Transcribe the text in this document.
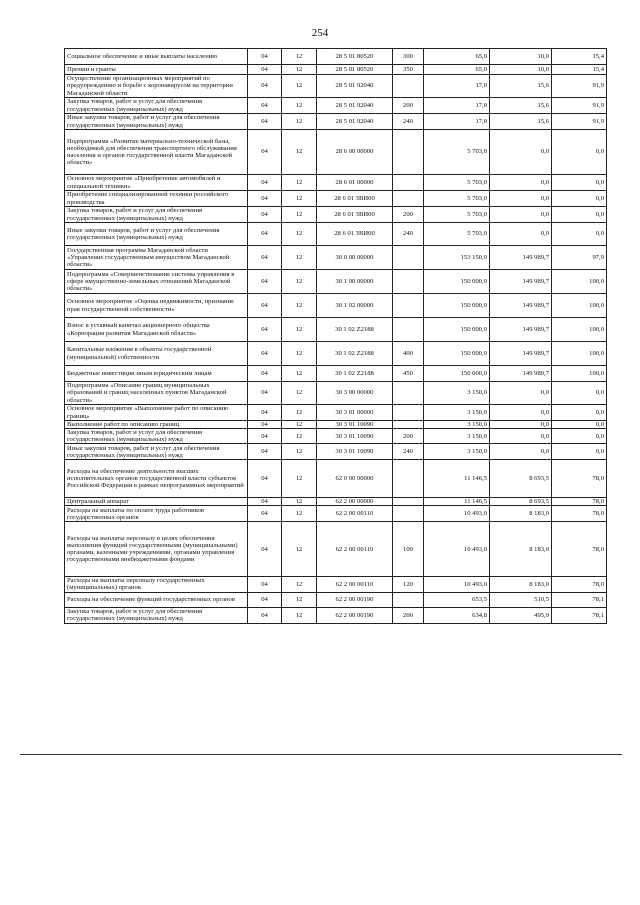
254
Социальное обеспечение и иные выплаты населению	04	12	28 5 01 80520	300	65,0	10,0	15,4
Премии и гранты	04	12	28 5 01 80520	350	65,0	10,0	15,4
Осуществление организационных мероприятий по предупреждению и борьбе с коронавирусом на территории Магаданской области	04	12	28 5 01 92040		17,0	15,6	91,9
Закупка товаров, работ и услуг для обеспечения государственных (муниципальных) нужд	04	12	28 5 01 92040	200	17,0	15,6	91,9
Иные закупки товаров, работ и услуг для обеспечения государственных (муниципальных) нужд	04	12	28 5 01 92040	240	17,0	15,6	91,9
Подпрограмма «Развитие материально-технической базы, необходимой для обеспечения транспортного обслуживания населения и органов государственной власти Магаданской области»	04	12	28 6 00 00000		5 703,0	0,0	0,0
Основное мероприятие «Приобретение автомобилей и специальной техники»	04	12	28 6 01 00000		5 703,0	0,0	0,0
Приобретение специализированной техники российского производства	04	12	28 6 01 ЗВИ00		5 703,0	0,0	0,0
Закупка товаров, работ и услуг для обеспечения государственных (муниципальных) нужд	04	12	28 6 01 ЗВИ00	200	5 703,0	0,0	0,0
Иные закупки товаров, работ и услуг для обеспечения государственных (муниципальных) нужд	04	12	28 6 01 ЗВИ00	240	5 703,0	0,0	0,0
Государственная программа Магаданской области «Управление государственным имуществом Магаданской области»	04	12	30 0 00 00000		153 150,0	149 989,7	97,9
Подпрограмма «Совершенствование системы управления в сфере имущественно-земельных отношений Магаданской области»	04	12	30 1 00 00000		150 000,0	149 989,7	100,0
Основное мероприятие «Оценка недвижимости, признание прав государственной собственности»	04	12	30 1 02 00000		150 000,0	149 989,7	100,0
Взнос в уставный капитал акционерного общества «Корпорация развития Магаданской области»	04	12	30 1 02 Z2188		150 000,0	149 989,7	100,0
Капитальные вложения в объекты государственной (муниципальной) собственности	04	12	30 1 02 Z2188	400	150 000,0	149 989,7	100,0
Бюджетные инвестиции иным юридическим лицам	04	12	30 1 02 Z2188	450	150 000,0	149 989,7	100,0
Подпрограмма «Описание границ муниципальных образований и границ населенных пунктов Магаданской области»	04	12	30 3 00 00000		3 150,0	0,0	0,0
Основное мероприятие «Выполнение работ по описанию границ»	04	12	30 3 01 00000		3 150,0	0,0	0,0
Выполнение работ по описанию границ	04	12	30 3 01 10090		3 150,0	0,0	0,0
Закупка товаров, работ и услуг для обеспечения государственных (муниципальных) нужд	04	12	30 3 01 10090	200	3 150,0	0,0	0,0
Иные закупки товаров, работ и услуг для обеспечения государственных (муниципальных) нужд	04	12	30 3 01 10090	240	3 150,0	0,0	0,0
Расходы на обеспечение деятельности высших исполнительных органов государственной власти субъектов Российской Федерации в рамках непрограммных мероприятий	04	12	62 0 00 00000		11 146,5	8 693,5	78,0
Центральный аппарат	04	12	62 2 00 00000		11 146,5	8 693,5	78,0
Расходы на выплаты по оплате труда работников государственных органов	04	12	62 2 00 00110		10 493,0	8 183,0	78,0
Расходы на выплаты персоналу в целях обеспечения выполнения функций государственными (муниципальными) органами, казенными учреждениями, органами управления государственными внебюджетными фондами	04	12	62 2 00 00110	100	10 493,0	8 183,0	78,0
Расходы на выплаты персоналу государственных (муниципальных) органов	04	12	62 2 00 00110	120	10 493,0	8 183,0	78,0
Расходы на обеспечение функций государственных органов	04	12	62 2 00 00190		653,5	510,5	78,1
Закупка товаров, работ и услуг для обеспечения государственных (муниципальных) нужд	04	12	62 2 00 00190	200	634,8	495,9	78,1
